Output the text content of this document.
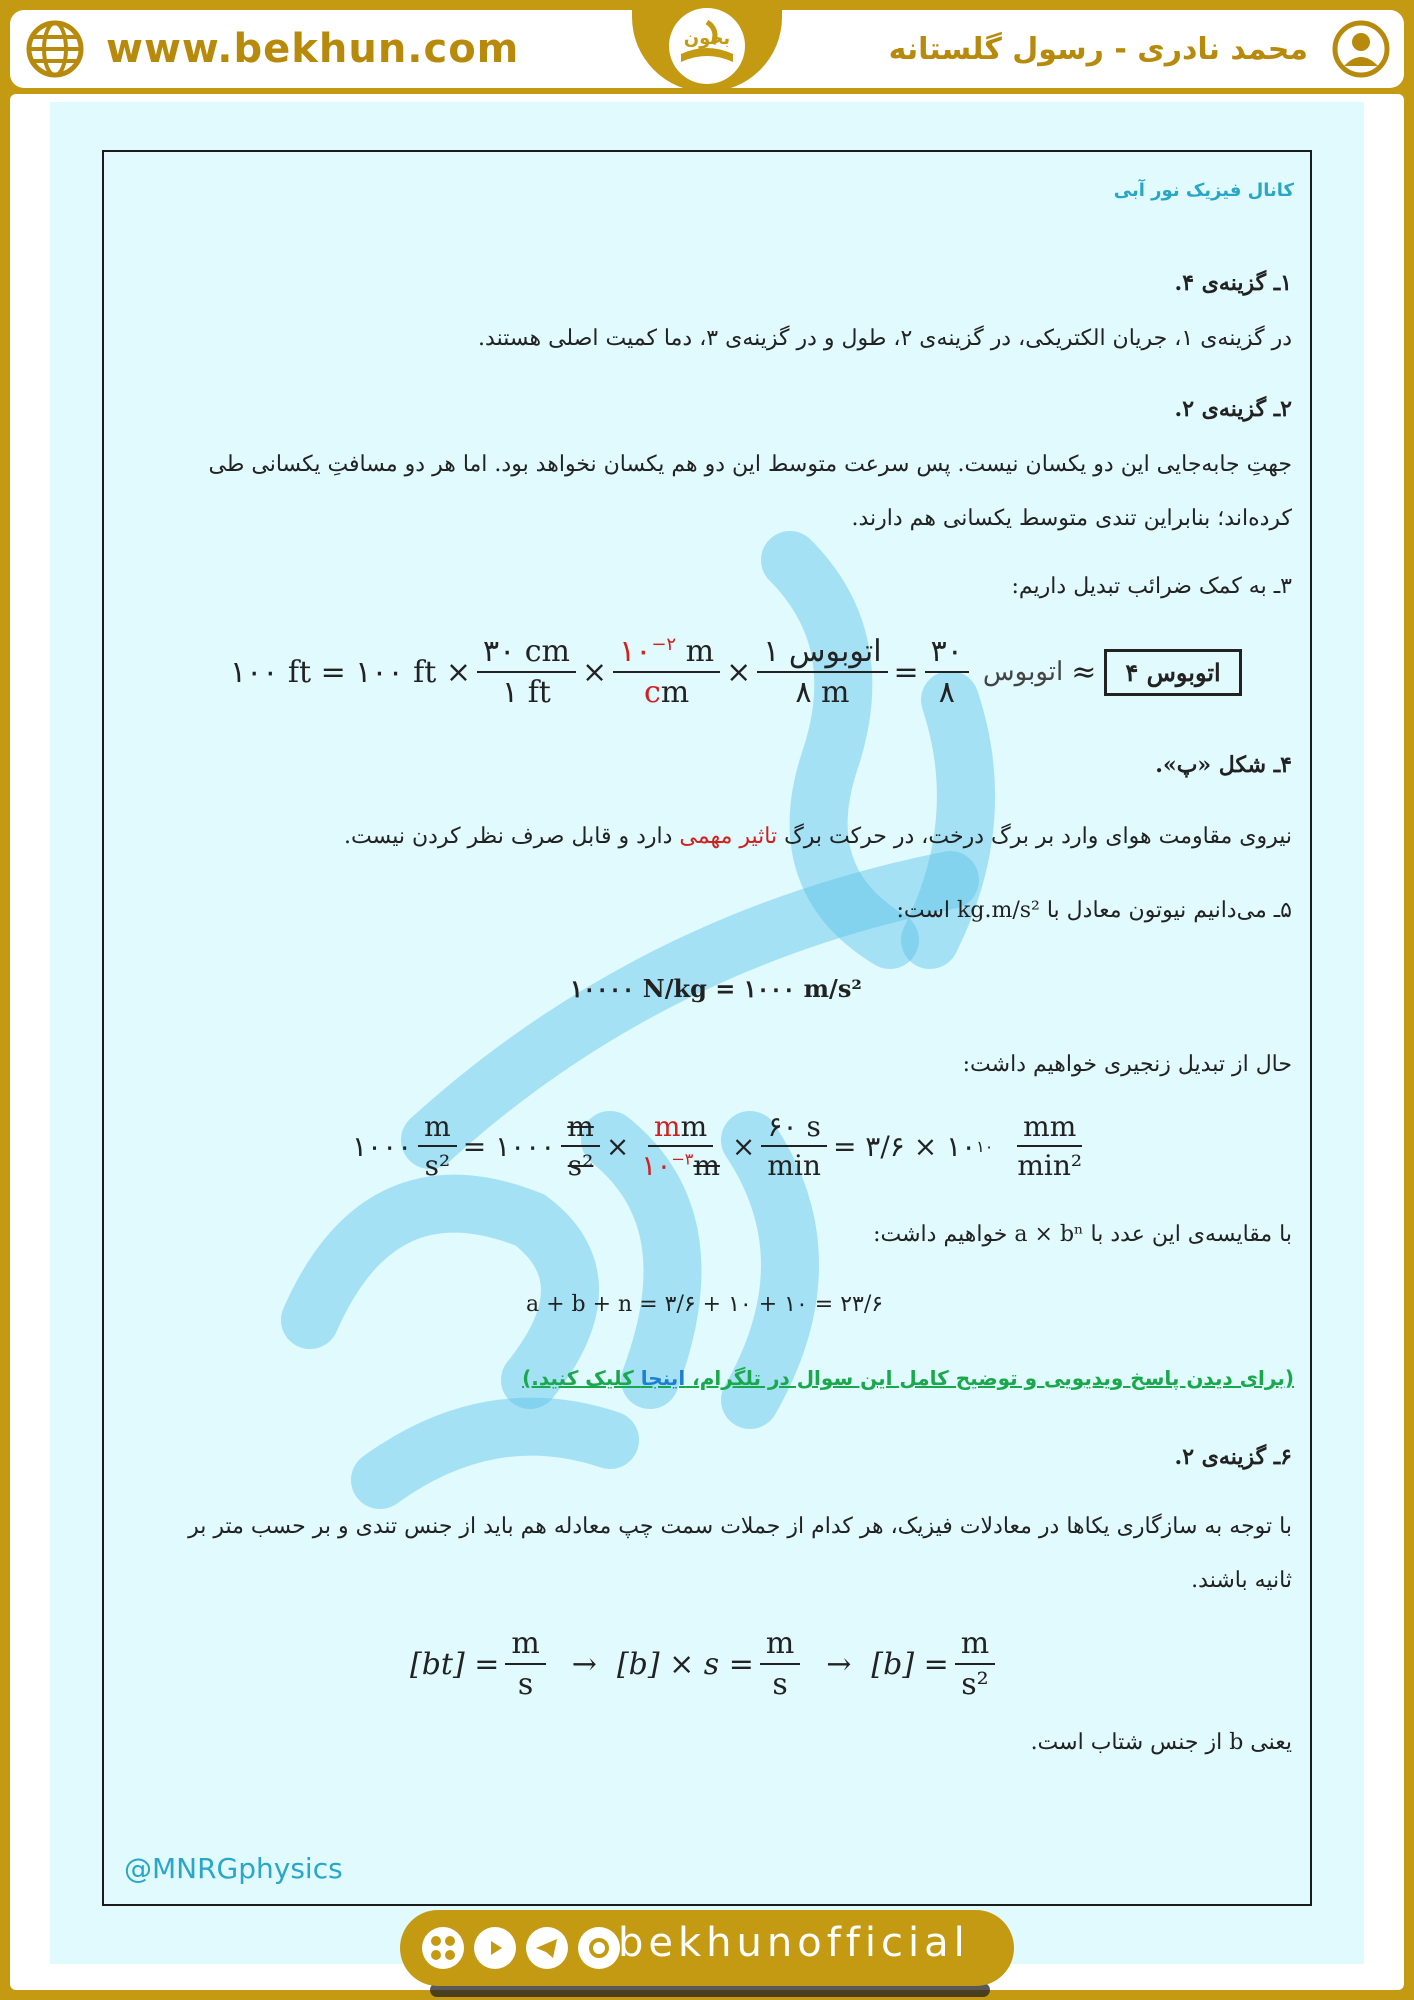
www.bekhun.com	محمد نادری - رسول گلستانه
بخون
کانال فیزیک نور آبی
۱ـ گزینه‌ی ۴.
در گزینه‌ی ۱، جریان الکتریکی، در گزینه‌ی ۲، طول و در گزینه‌ی ۳، دما کمیت اصلی هستند.
۲ـ گزینه‌ی ۲.
جهتِ جابه‌جایی این دو یکسان نیست. پس سرعت متوسط این دو هم یکسان نخواهد بود. اما هر دو مسافتِ یکسانی طی
کرده‌اند؛ بنابراین تندی متوسط یکسانی هم دارند.
۳ـ به کمک ضرائب تبدیل داریم:
۱۰۰ ft = ۱۰۰ ft × $\frac{۳۰ cm}{۱ ft} \times \frac{۱۰^{-۲} m}{cm} \times \frac{\text{اتوبوس ۱}}{۸ m} = \frac{۳۰}{۸}$ اتوبوس ≈	اتوبوس ۴
۴ـ شکل «پ».
نیروی مقاومت هوای وارد بر برگ درخت، در حرکت برگ تاثیر مهمی دارد و قابل صرف نظر کردن نیست.
۵ـ می‌دانیم نیوتون معادل با kg.m/s² است:
۱۰۰۰۰ N/kg = ۱۰۰۰ m/s²
حال از تبدیل زنجیری خواهیم داشت:
۱۰۰۰ $\frac{m}{\text{s²}}$ = ۱۰۰۰ $\frac{m}{\text{s²}} \times \frac{mm}{۱۰^{-۳}m} \times \frac{۶۰ s}{\min}$ = ۳/۶ × ۱۰ ۱۰ $\frac{mm}{\text{min²}}$
با مقایسه‌ی این عدد با a × bⁿ خواهیم داشت:
a + b + n = ۳/۶ + ۱۰ + ۱۰ = ۲۳/۶
(برای دیدن پاسخ ویدیویی و توضیح کامل این سوال در تلگرام، اینجا کلیک کنید.)
۶ـ گزینه‌ی ۲.
با توجه به سازگاری یکاها در معادلات فیزیک، هر کدام از جملات سمت چپ معادله هم باید از جنس تندی و بر حسب متر بر
ثانیه باشند.
$[bt] = \frac{m}{s} \to [b] \times s = \frac{m}{s} \to [b] = \frac{m}{\text{s²}}$
یعنی b از جنس شتاب است.
@MNRGphysics
bekhunofficial
